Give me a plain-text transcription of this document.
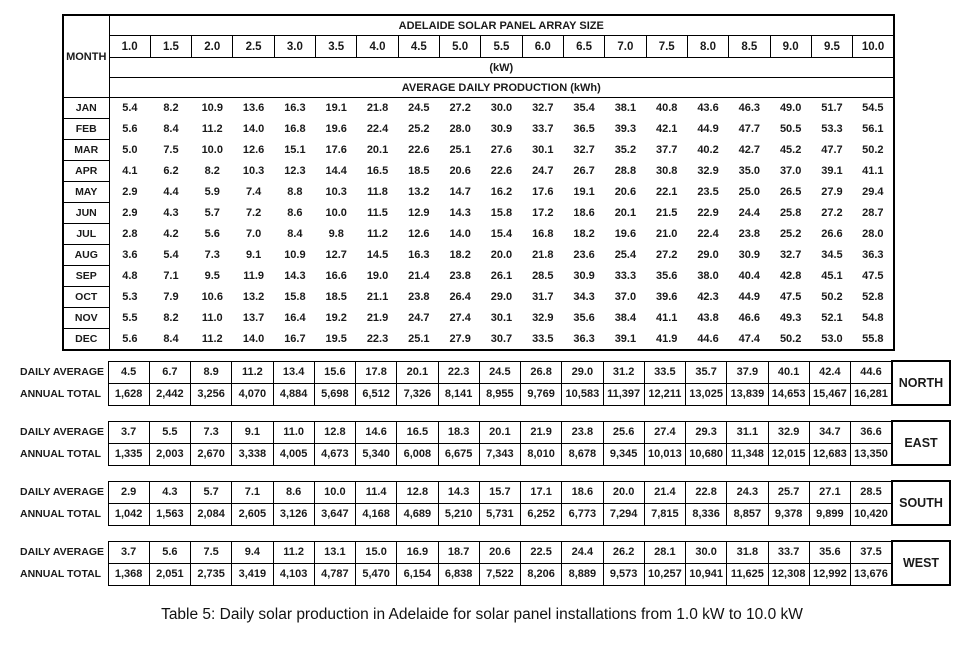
MONTH	ADELAIDE SOLAR PANEL ARRAY SIZE																		
	1.0	1.5	2.0	2.5	3.0	3.5	4.0	4.5	5.0	5.5	6.0	6.5	7.0	7.5	8.0	8.5	9.0	9.5	10.0
	(kW)																		
	AVERAGE DAILY PRODUCTION (kWh)																		
JAN	5.4	8.2	10.9	13.6	16.3	19.1	21.8	24.5	27.2	30.0	32.7	35.4	38.1	40.8	43.6	46.3	49.0	51.7	54.5
FEB	5.6	8.4	11.2	14.0	16.8	19.6	22.4	25.2	28.0	30.9	33.7	36.5	39.3	42.1	44.9	47.7	50.5	53.3	56.1
MAR	5.0	7.5	10.0	12.6	15.1	17.6	20.1	22.6	25.1	27.6	30.1	32.7	35.2	37.7	40.2	42.7	45.2	47.7	50.2
APR	4.1	6.2	8.2	10.3	12.3	14.4	16.5	18.5	20.6	22.6	24.7	26.7	28.8	30.8	32.9	35.0	37.0	39.1	41.1
MAY	2.9	4.4	5.9	7.4	8.8	10.3	11.8	13.2	14.7	16.2	17.6	19.1	20.6	22.1	23.5	25.0	26.5	27.9	29.4
JUN	2.9	4.3	5.7	7.2	8.6	10.0	11.5	12.9	14.3	15.8	17.2	18.6	20.1	21.5	22.9	24.4	25.8	27.2	28.7
JUL	2.8	4.2	5.6	7.0	8.4	9.8	11.2	12.6	14.0	15.4	16.8	18.2	19.6	21.0	22.4	23.8	25.2	26.6	28.0
AUG	3.6	5.4	7.3	9.1	10.9	12.7	14.5	16.3	18.2	20.0	21.8	23.6	25.4	27.2	29.0	30.9	32.7	34.5	36.3
SEP	4.8	7.1	9.5	11.9	14.3	16.6	19.0	21.4	23.8	26.1	28.5	30.9	33.3	35.6	38.0	40.4	42.8	45.1	47.5
OCT	5.3	7.9	10.6	13.2	15.8	18.5	21.1	23.8	26.4	29.0	31.7	34.3	37.0	39.6	42.3	44.9	47.5	50.2	52.8
NOV	5.5	8.2	11.0	13.7	16.4	19.2	21.9	24.7	27.4	30.1	32.9	35.6	38.4	41.1	43.8	46.6	49.3	52.1	54.8
DEC	5.6	8.4	11.2	14.0	16.7	19.5	22.3	25.1	27.9	30.7	33.5	36.3	39.1	41.9	44.6	47.4	50.2	53.0	55.8
DAILY AVERAGE	4.5	6.7	8.9	11.2	13.4	15.6	17.8	20.1	22.3	24.5	26.8	29.0	31.2	33.5	35.7	37.9	40.1	42.4	44.6	NORTH
ANNUAL TOTAL	1,628	2,442	3,256	4,070	4,884	5,698	6,512	7,326	8,141	8,955	9,769	10,583	11,397	12,211	13,025	13,839	14,653	15,467	16,281	
DAILY AVERAGE	3.7	5.5	7.3	9.1	11.0	12.8	14.6	16.5	18.3	20.1	21.9	23.8	25.6	27.4	29.3	31.1	32.9	34.7	36.6	EAST
ANNUAL TOTAL	1,335	2,003	2,670	3,338	4,005	4,673	5,340	6,008	6,675	7,343	8,010	8,678	9,345	10,013	10,680	11,348	12,015	12,683	13,350	
DAILY AVERAGE	2.9	4.3	5.7	7.1	8.6	10.0	11.4	12.8	14.3	15.7	17.1	18.6	20.0	21.4	22.8	24.3	25.7	27.1	28.5	SOUTH
ANNUAL TOTAL	1,042	1,563	2,084	2,605	3,126	3,647	4,168	4,689	5,210	5,731	6,252	6,773	7,294	7,815	8,336	8,857	9,378	9,899	10,420	
DAILY AVERAGE	3.7	5.6	7.5	9.4	11.2	13.1	15.0	16.9	18.7	20.6	22.5	24.4	26.2	28.1	30.0	31.8	33.7	35.6	37.5	WEST
ANNUAL TOTAL	1,368	2,051	2,735	3,419	4,103	4,787	5,470	6,154	6,838	7,522	8,206	8,889	9,573	10,257	10,941	11,625	12,308	12,992	13,676	
Table 5: Daily solar production in Adelaide for solar panel installations from 1.0 kW to 10.0 kW
